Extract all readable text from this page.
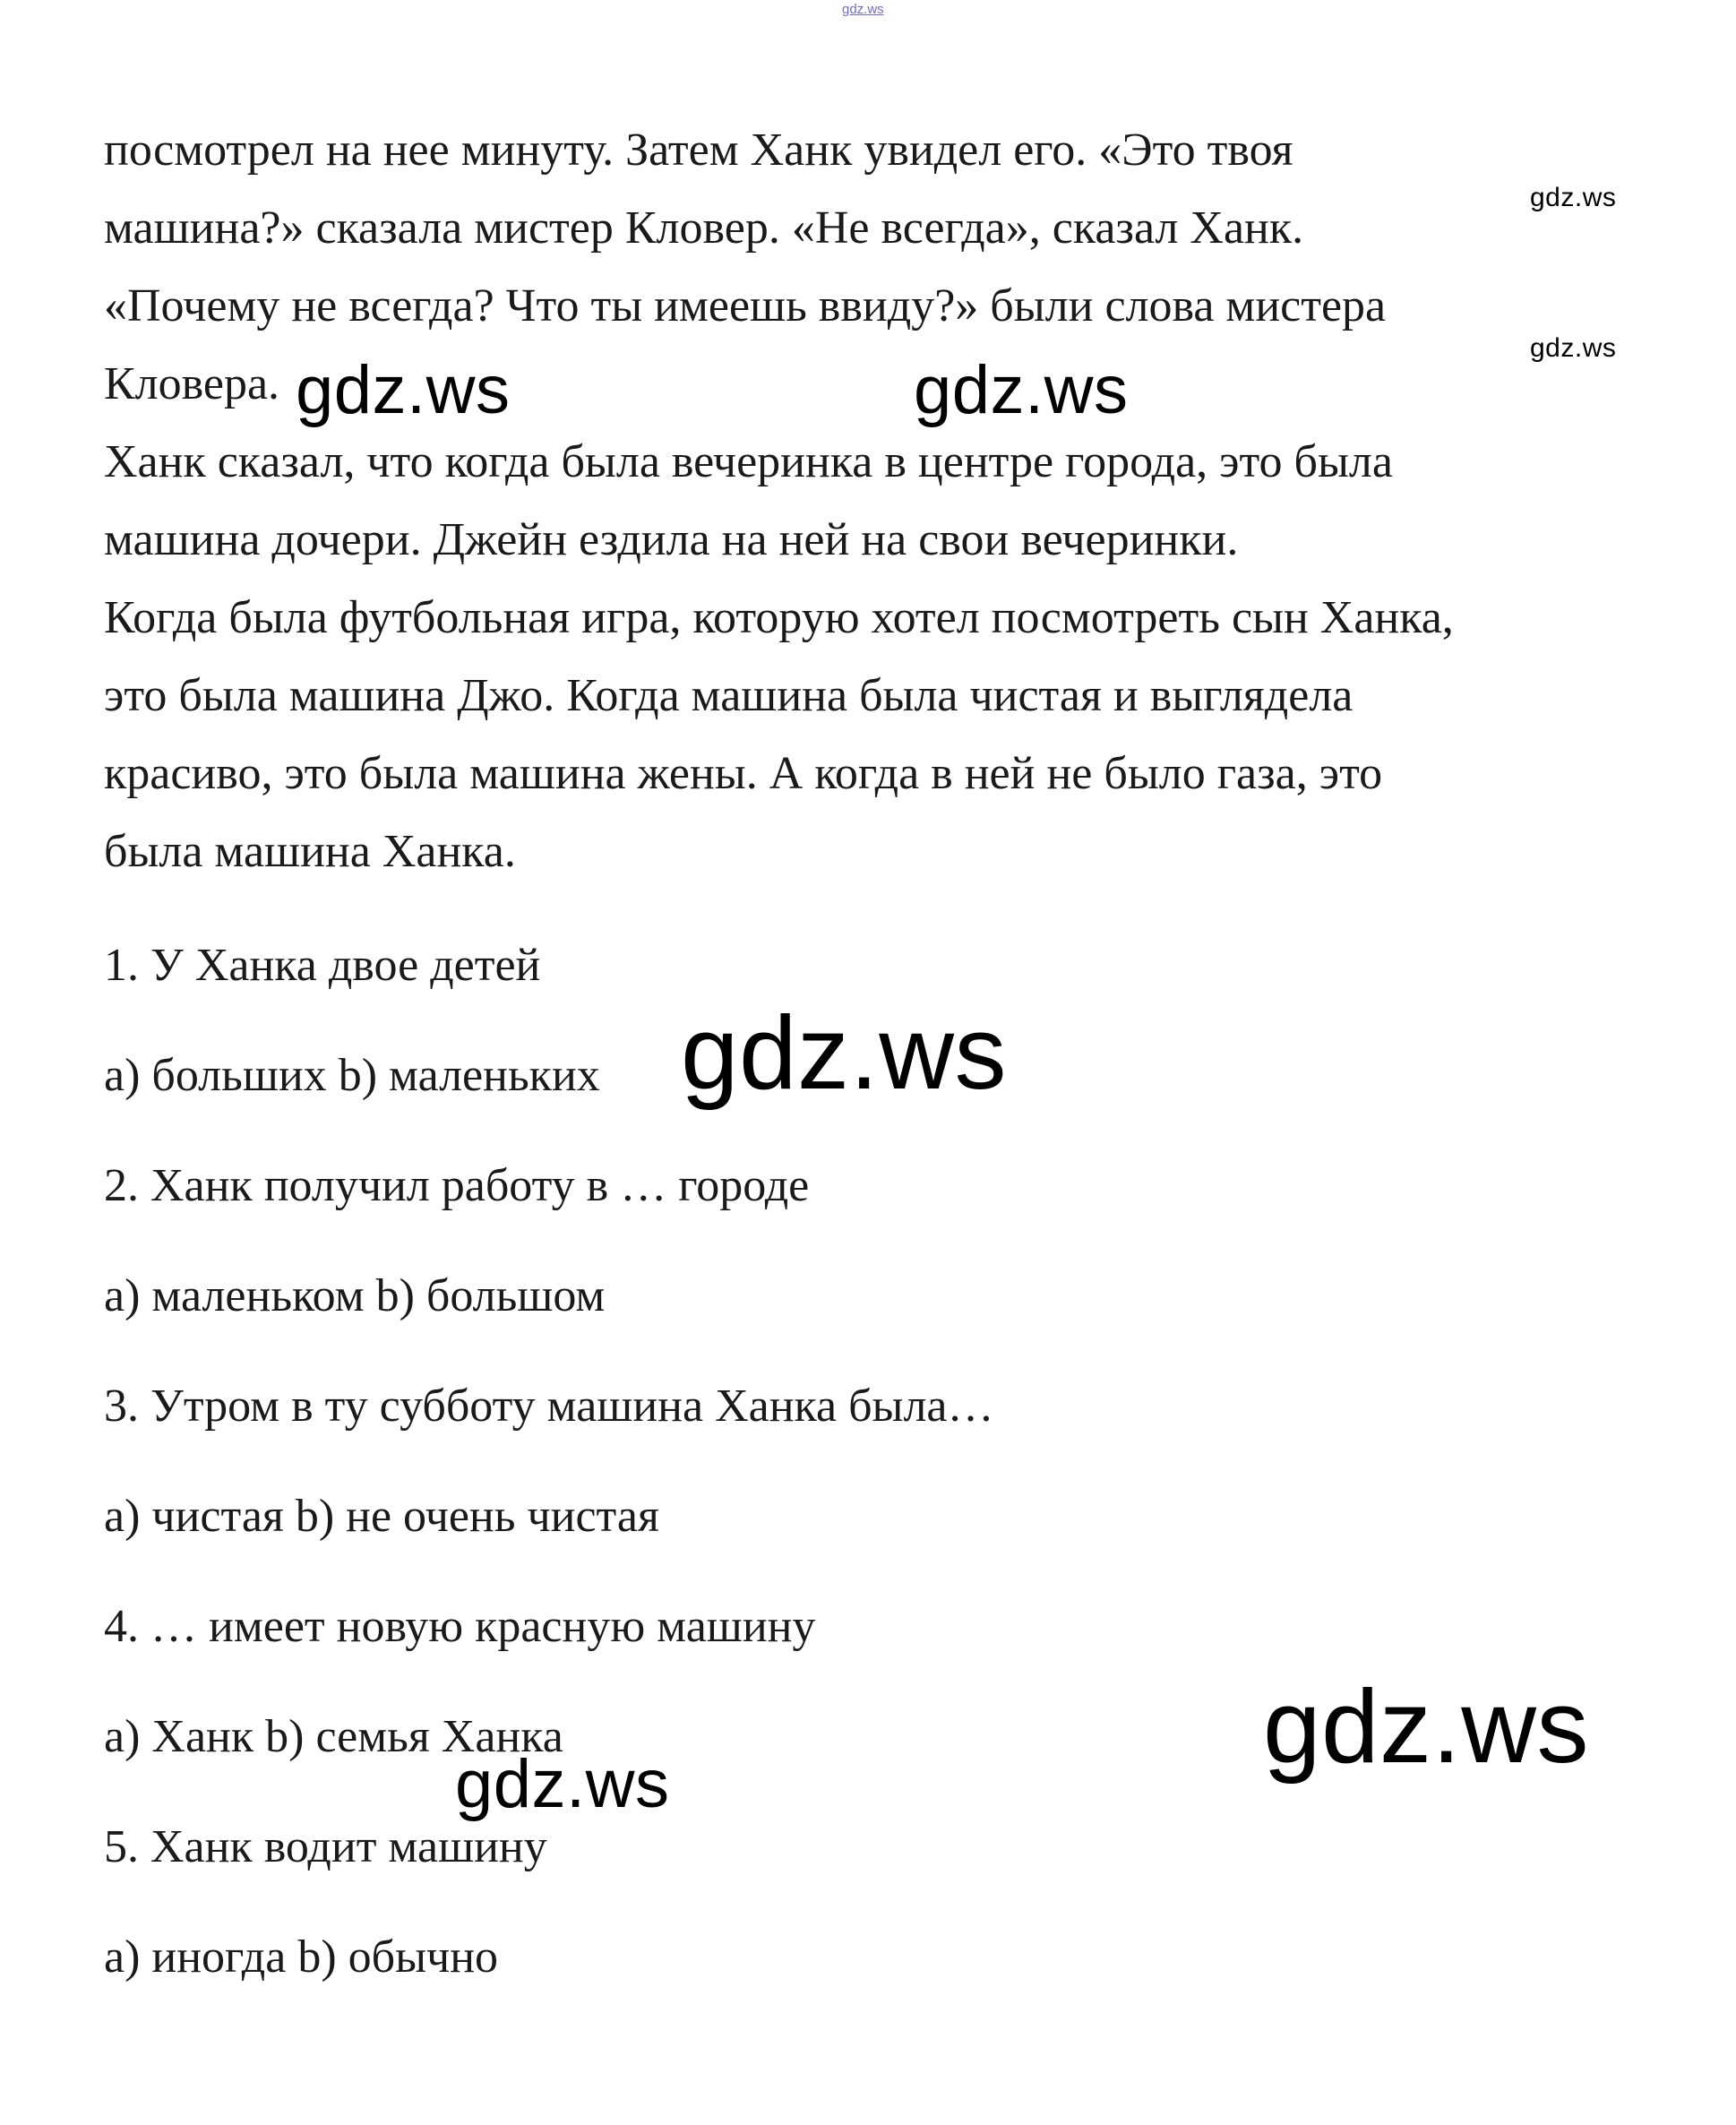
gdz.ws
посмотрел на нее минуту. Затем Ханк увидел его. «Это твоя
машина?» сказала мистер Кловер. «Не всегда», сказал Ханк.
«Почему не всегда? Что ты имеешь ввиду?» были слова мистера
Кловера.
Ханк сказал, что когда была вечеринка в центре города, это была
машина дочери. Джейн ездила на ней на свои вечеринки.
Когда была футбольная игра, которую хотел посмотреть сын Ханка,
это была машина Джо. Когда машина была чистая и выглядела
красиво, это была машина жены. А когда в ней не было газа, это
была машина Ханка.
1. У Ханка двое детей
a) больших b) маленьких
2. Ханк получил работу в … городе
a) маленьком b) большом
3. Утром в ту субботу машина Ханка была…
a) чистая b) не очень чистая
4. … имеет новую красную машину
a) Ханк b) семья Ханка
5. Ханк водит машину
a) иногда b) обычно
gdz.ws
gdz.ws
gdz.ws	gdz.ws
gdz.ws
gdz.ws
gdz.ws
